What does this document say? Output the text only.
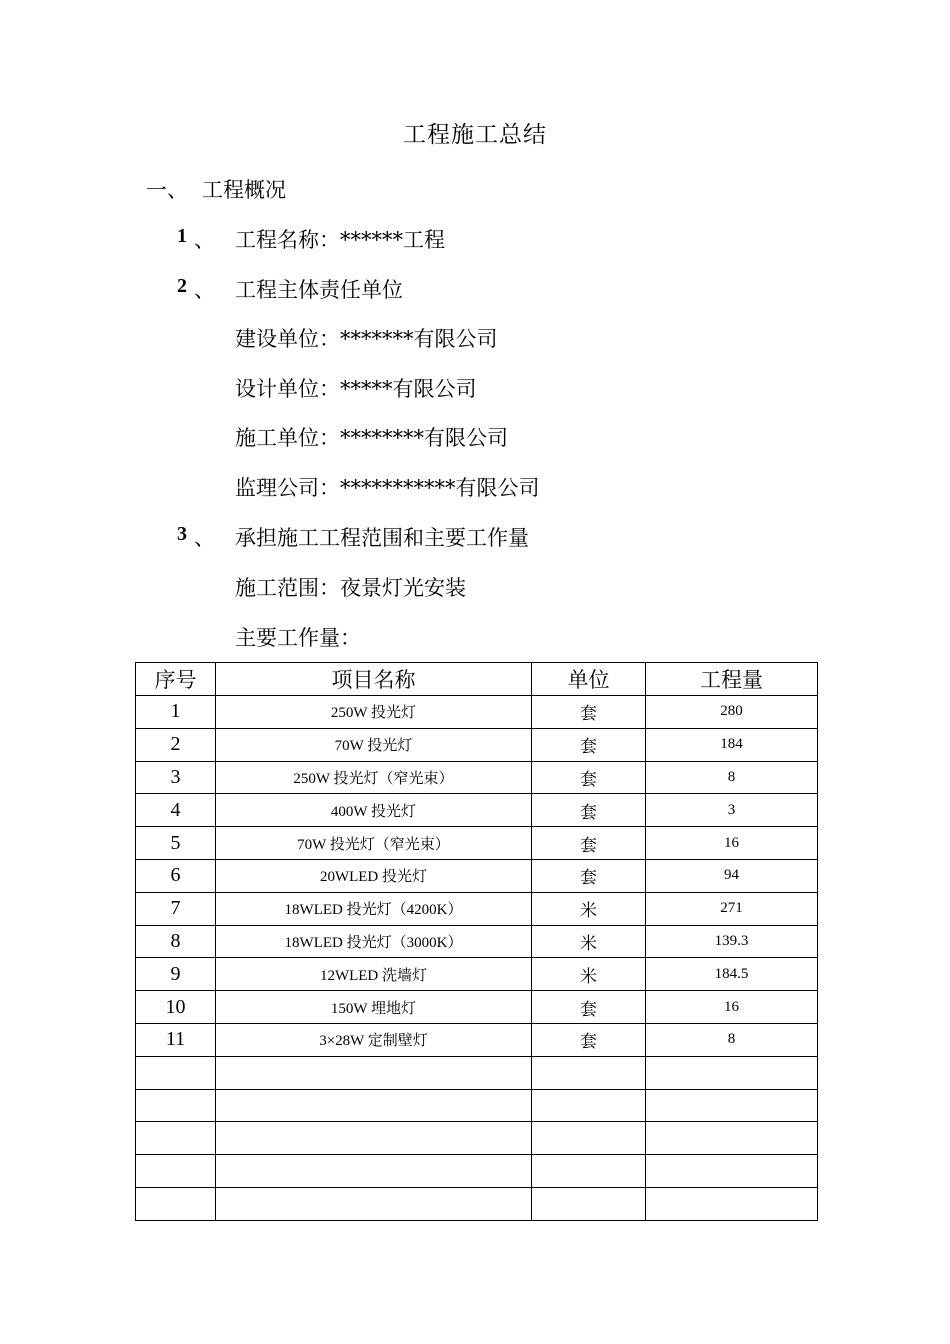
工程施工总结
一、 工程概况
1 、 工程名称：******工程
2 、 工程主体责任单位
建设单位：*******有限公司
设计单位：*****有限公司
施工单位：********有限公司
监理公司：***********有限公司
3 、 承担施工工程范围和主要工作量
施工范围：夜景灯光安装
主要工作量：
序号	项目名称	单位	工程量
1	250W 投光灯	套	280
2	70W 投光灯	套	184
3	250W 投光灯（窄光束）	套	8
4	400W 投光灯	套	3
5	70W 投光灯（窄光束）	套	16
6	20WLED 投光灯	套	94
7	18WLED 投光灯（4200K）	米	271
8	18WLED 投光灯（3000K）	米	139.3
9	12WLED 洗墙灯	米	184.5
10	150W 埋地灯	套	16
11	3×28W 定制壁灯	套	8
